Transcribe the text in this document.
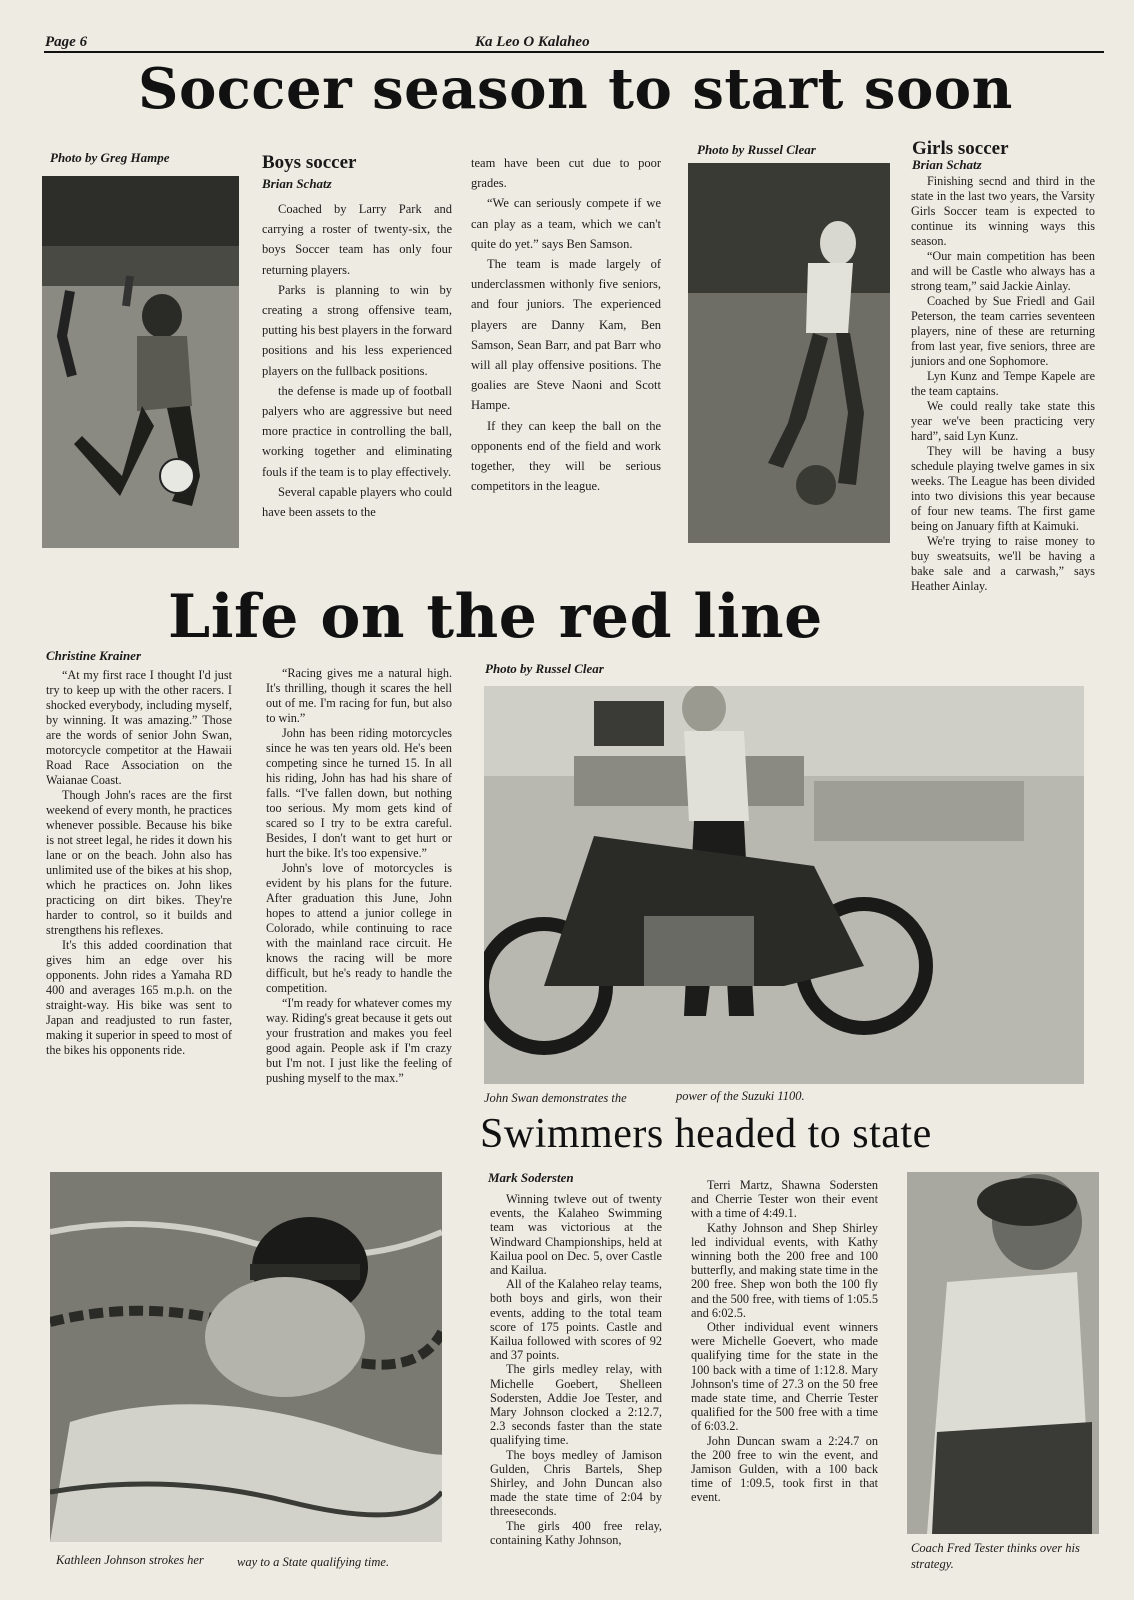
Page 6	Ka Leo O Kalaheo
Soccer season to start soon
Photo by Greg Hampe	Boys soccer
Brian Schatz

Coached by Larry Park and carrying a roster of twenty-six, the boys Soccer team has only four returning players.

Parks is planning to win by creating a strong offensive team, putting his best players in the forward positions and his less experienced players on the fullback positions.

the defense is made up of football palyers who are aggressive but need more practice in controlling the ball, working together and eliminating fouls if the team is to play effectively.

Several capable players who could have been assets to the

team have been cut due to poor grades.

“We can seriously compete if we can play as a team, which we can't quite do yet.” says Ben Samson.

The team is made largely of underclassmen withonly five seniors, and four juniors. The experienced players are Danny Kam, Ben Samson, Sean Barr, and pat Barr who will all play offensive positions. The goalies are Steve Naoni and Scott Hampe.

If they can keep the ball on the opponents end of the field and work together, they will be serious competitors in the league.

Photo by Russel Clear	Girls soccer
Brian Schatz

Finishing secnd and third in the state in the last two years, the Varsity Girls Soccer team is expected to continue its winning ways this season.

“Our main competition has been and will be Castle who always has a strong team,” said Jackie Ainlay.

Coached by Sue Friedl and Gail Peterson, the team carries seventeen players, nine of these are returning from last year, five seniors, three are juniors and one Sophomore.

Lyn Kunz and Tempe Kapele are the team captains.

We could really take state this year we've been practicing very hard”, said Lyn Kunz.

They will be having a busy schedule playing twelve games in six weeks. The League has been divided into two divisions this year because of four new teams. The first game being on January fifth at Kaimuki.

We're trying to raise money to buy sweatsuits, we'll be having a bake sale and a carwash,” says Heather Ainlay.

Life on the red line
Christine Krainer

“At my first race I thought I'd just try to keep up with the other racers. I shocked everybody, including myself, by winning. It was amazing.” Those are the words of senior John Swan, motorcycle competitor at the Hawaii Road Race Association on the Waianae Coast.

Though John's races are the first weekend of every month, he practices whenever possible. Because his bike is not street legal, he rides it down his lane or on the beach. John also has unlimited use of the bikes at his shop, which he practices on. John likes practicing on dirt bikes. They're harder to control, so it builds and strengthens his reflexes.

It's this added coordination that gives him an edge over his opponents. John rides a Yamaha RD 400 and averages 165 m.p.h. on the straight-way. His bike was sent to Japan and readjusted to run faster, making it superior in speed to most of the bikes his opponents ride.

“Racing gives me a natural high. It's thrilling, though it scares the hell out of me. I'm racing for fun, but also to win.”

John has been riding motorcycles since he was ten years old. He's been competing since he turned 15. In all his riding, John has had his share of falls. “I've fallen down, but nothing too serious. My mom gets kind of scared so I try to be extra careful. Besides, I don't want to get hurt or hurt the bike. It's too expensive.”

John's love of motorcycles is evident by his plans for the future. After graduation this June, John hopes to attend a junior college in Colorado, while continuing to race with the mainland race circuit. He knows the racing will be more difficult, but he's ready to handle the competition.

“I'm ready for whatever comes my way. Riding's great because it gets out your frustration and makes you feel good again. People ask if I'm crazy but I'm not. I just like the feeling of pushing myself to the max.”

Photo by Russel Clear
John Swan demonstrates the	power of the Suzuki 1100.
Swimmers headed to state
Mark Sodersten

Winning twleve out of twenty events, the Kalaheo Swimming team was victorious at the Windward Championships, held at Kailua pool on Dec. 5, over Castle and Kailua.

All of the Kalaheo relay teams, both boys and girls, won their events, adding to the total team score of 175 points. Castle and Kailua followed with scores of 92 and 37 points.

The girls medley relay, with Michelle Goebert, Shelleen Sodersten, Addie Joe Tester, and Mary Johnson clocked a 2:12.7, 2.3 seconds faster than the state qualifying time.

The boys medley of Jamison Gulden, Chris Bartels, Shep Shirley, and John Duncan also made the state time of 2:04 by threeseconds.

The girls 400 free relay, containing Kathy Johnson,

Terri Martz, Shawna Sodersten and Cherrie Tester won their event with a time of 4:49.1.

Kathy Johnson and Shep Shirley led individual events, with Kathy winning both the 200 free and 100 butterfly, and making state time in the 200 free. Shep won both the 100 fly and the 500 free, with tiems of 1:05.5 and 6:02.5.

Other individual event winners were Michelle Goevert, who made qualifying time for the state in the 100 back with a time of 1:12.8. Mary Johnson's time of 27.3 on the 50 free made state time, and Cherrie Tester qualified for the 500 free with a time of 6:03.2.

John Duncan swam a 2:24.7 on the 200 free to win the event, and Jamison Gulden, with a 100 back time of 1:09.5, took first in that event.

Kathleen Johnson strokes her	way to a State qualifying time.
Coach Fred Tester thinks over his strategy.
